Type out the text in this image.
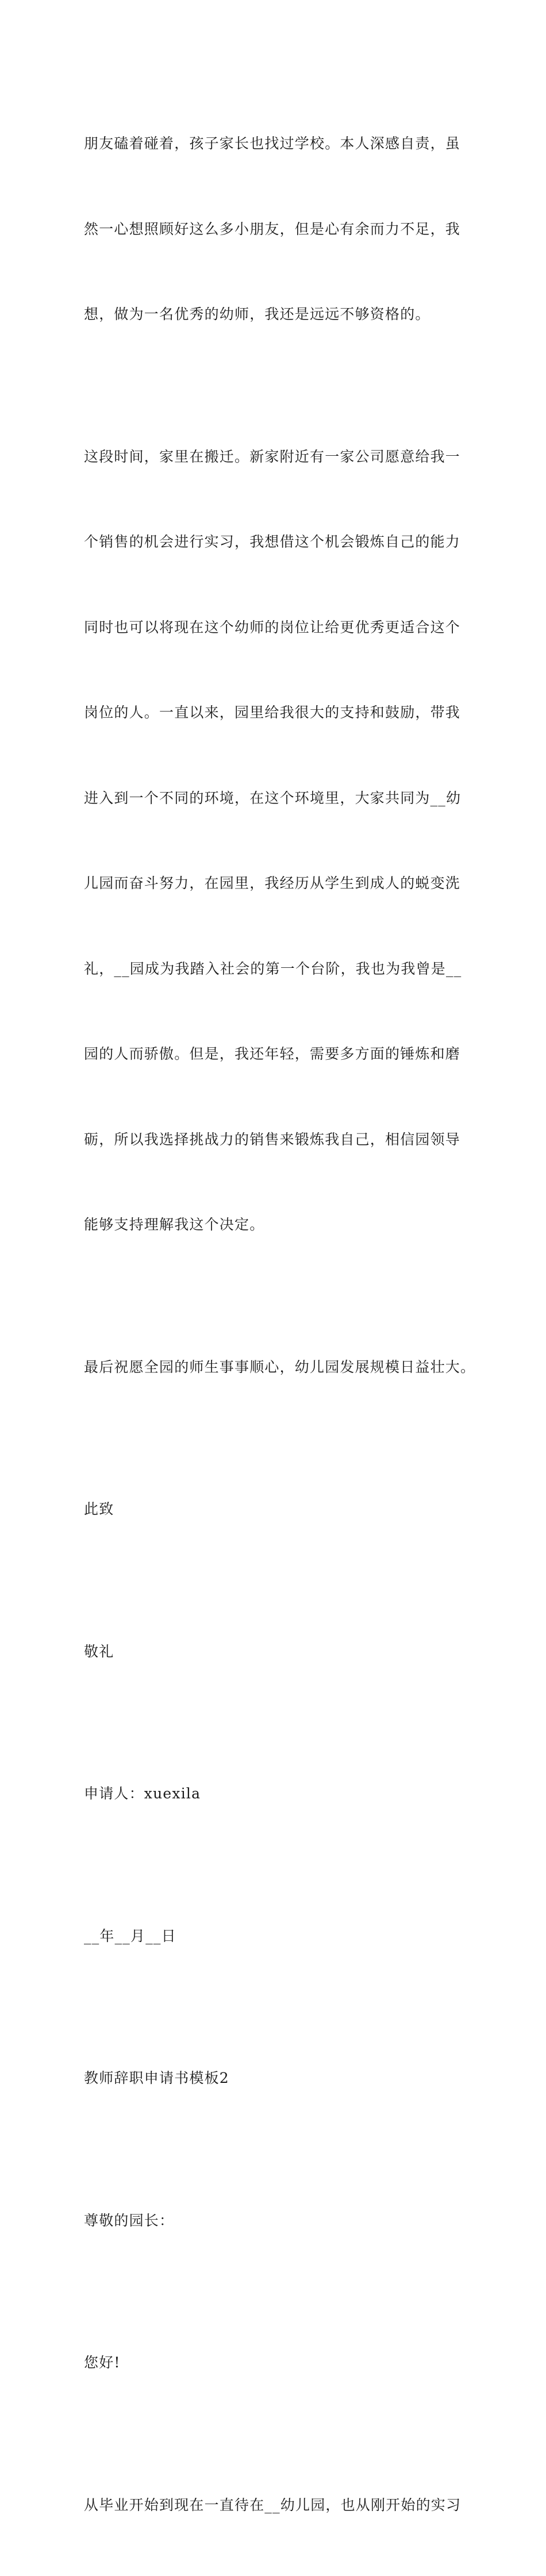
朋友磕着碰着，孩子家长也找过学校。本人深感自责，虽

然一心想照顾好这么多小朋友，但是心有余而力不足，我

想，做为一名优秀的幼师，我还是远远不够资格的。

这段时间，家里在搬迁。新家附近有一家公司愿意给我一

个销售的机会进行实习，我想借这个机会锻炼自己的能力

同时也可以将现在这个幼师的岗位让给更优秀更适合这个

岗位的人。一直以来，园里给我很大的支持和鼓励，带我

进入到一个不同的环境，在这个环境里，大家共同为__幼

儿园而奋斗努力，在园里，我经历从学生到成人的蜕变洗

礼，__园成为我踏入社会的第一个台阶，我也为我曾是__

园的人而骄傲。但是，我还年轻，需要多方面的锤炼和磨

砺，所以我选择挑战力的销售来锻炼我自己，相信园领导

能够支持理解我这个决定。

最后祝愿全园的师生事事顺心，幼儿园发展规模日益壮大。

此致

敬礼

申请人：xuexila

__年__月__日

教师辞职申请书模板2

尊敬的园长：

您好!

从毕业开始到现在一直待在__幼儿园，也从刚开始的实习
